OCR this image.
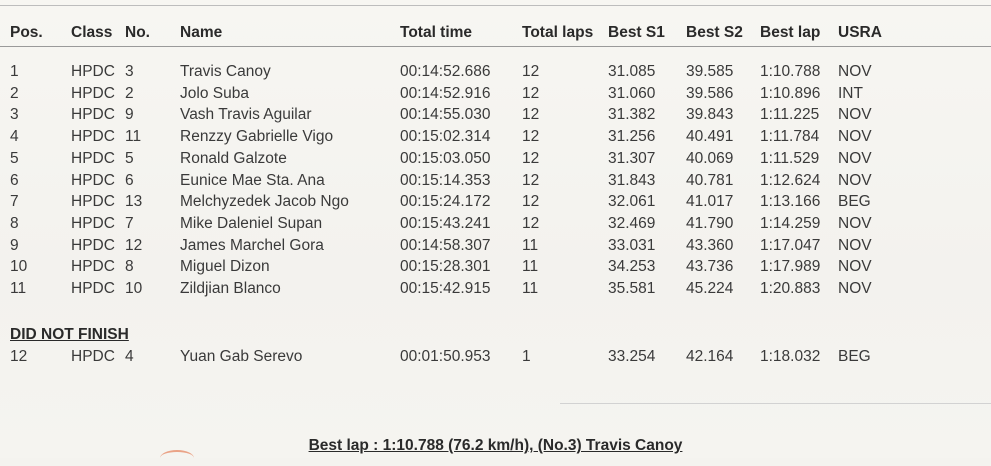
Pos. Class No. Name	Total time	Total laps Best S1 Best S2 Best lap USRA
1	HPDC 3	Travis Canoy	00:14:52.686 12	31.085 39.585 1:10.788 NOV
2	HPDC 2	Jolo Suba	00:14:52.916 12	31.060 39.586 1:10.896 INT
3	HPDC 9	Vash Travis Aguilar	00:14:55.030 12	31.382 39.843 1:11.225 NOV
4	HPDC 11	Renzzy Gabrielle Vigo	00:15:02.314 12	31.256 40.491 1:11.784 NOV
5	HPDC 5	Ronald Galzote	00:15:03.050 12	31.307 40.069 1:11.529 NOV
6	HPDC 6	Eunice Mae Sta. Ana	00:15:14.353 12	31.843 40.781 1:12.624 NOV
7	HPDC 13 Melchyzedek Jacob Ngo	00:15:24.172 12	32.061 41.017 1:13.166 BEG
8	HPDC 7	Mike Daleniel Supan	00:15:43.241 12	32.469 41.790 1:14.259 NOV
9	HPDC 12 James Marchel Gora	00:14:58.307 11	33.031 43.360 1:17.047 NOV
10	HPDC 8	Miguel Dizon	00:15:28.301 11	34.253 43.736 1:17.989 NOV
11	HPDC 10 Zildjian Blanco	00:15:42.915 11	35.581 45.224 1:20.883 NOV
DID NOT FINISH
12	HPDC 4	Yuan Gab Serevo	00:01:50.953 1	33.254 42.164 1:18.032 BEG
Best lap : 1:10.788 (76.2 km/h), (No.3) Travis Canoy
